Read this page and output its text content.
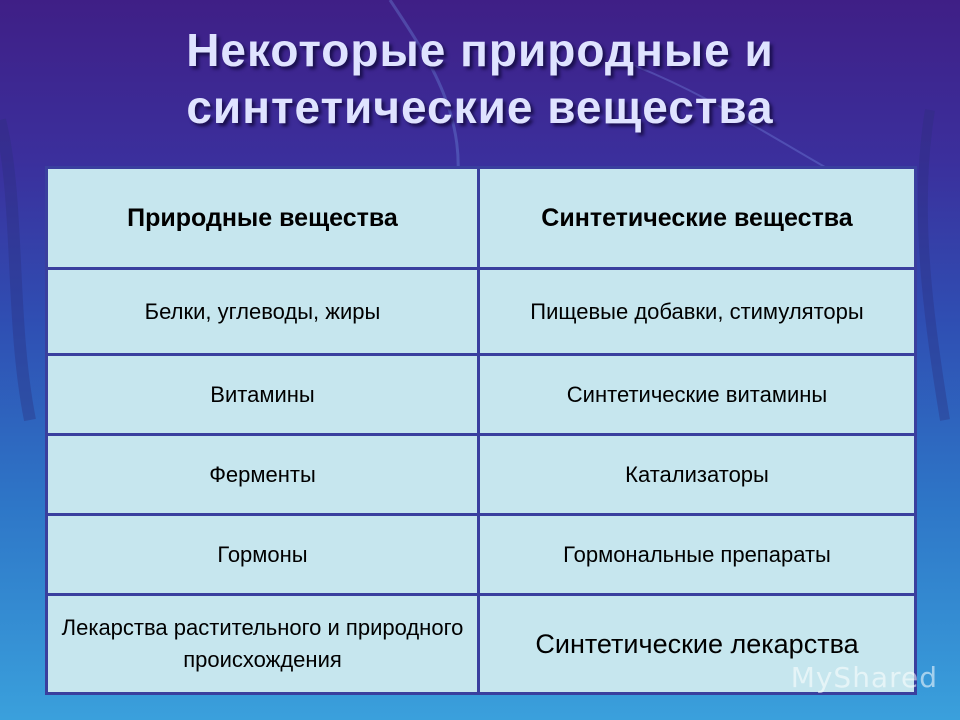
Некоторые природные и
синтетические вещества
Природные вещества	Синтетические вещества
Белки, углеводы, жиры	Пищевые добавки, стимуляторы
Витамины	Синтетические витамины
Ферменты	Катализаторы
Гормоны	Гормональные препараты
Лекарства растительного и природного происхождения	Синтетические лекарства
MyShared
